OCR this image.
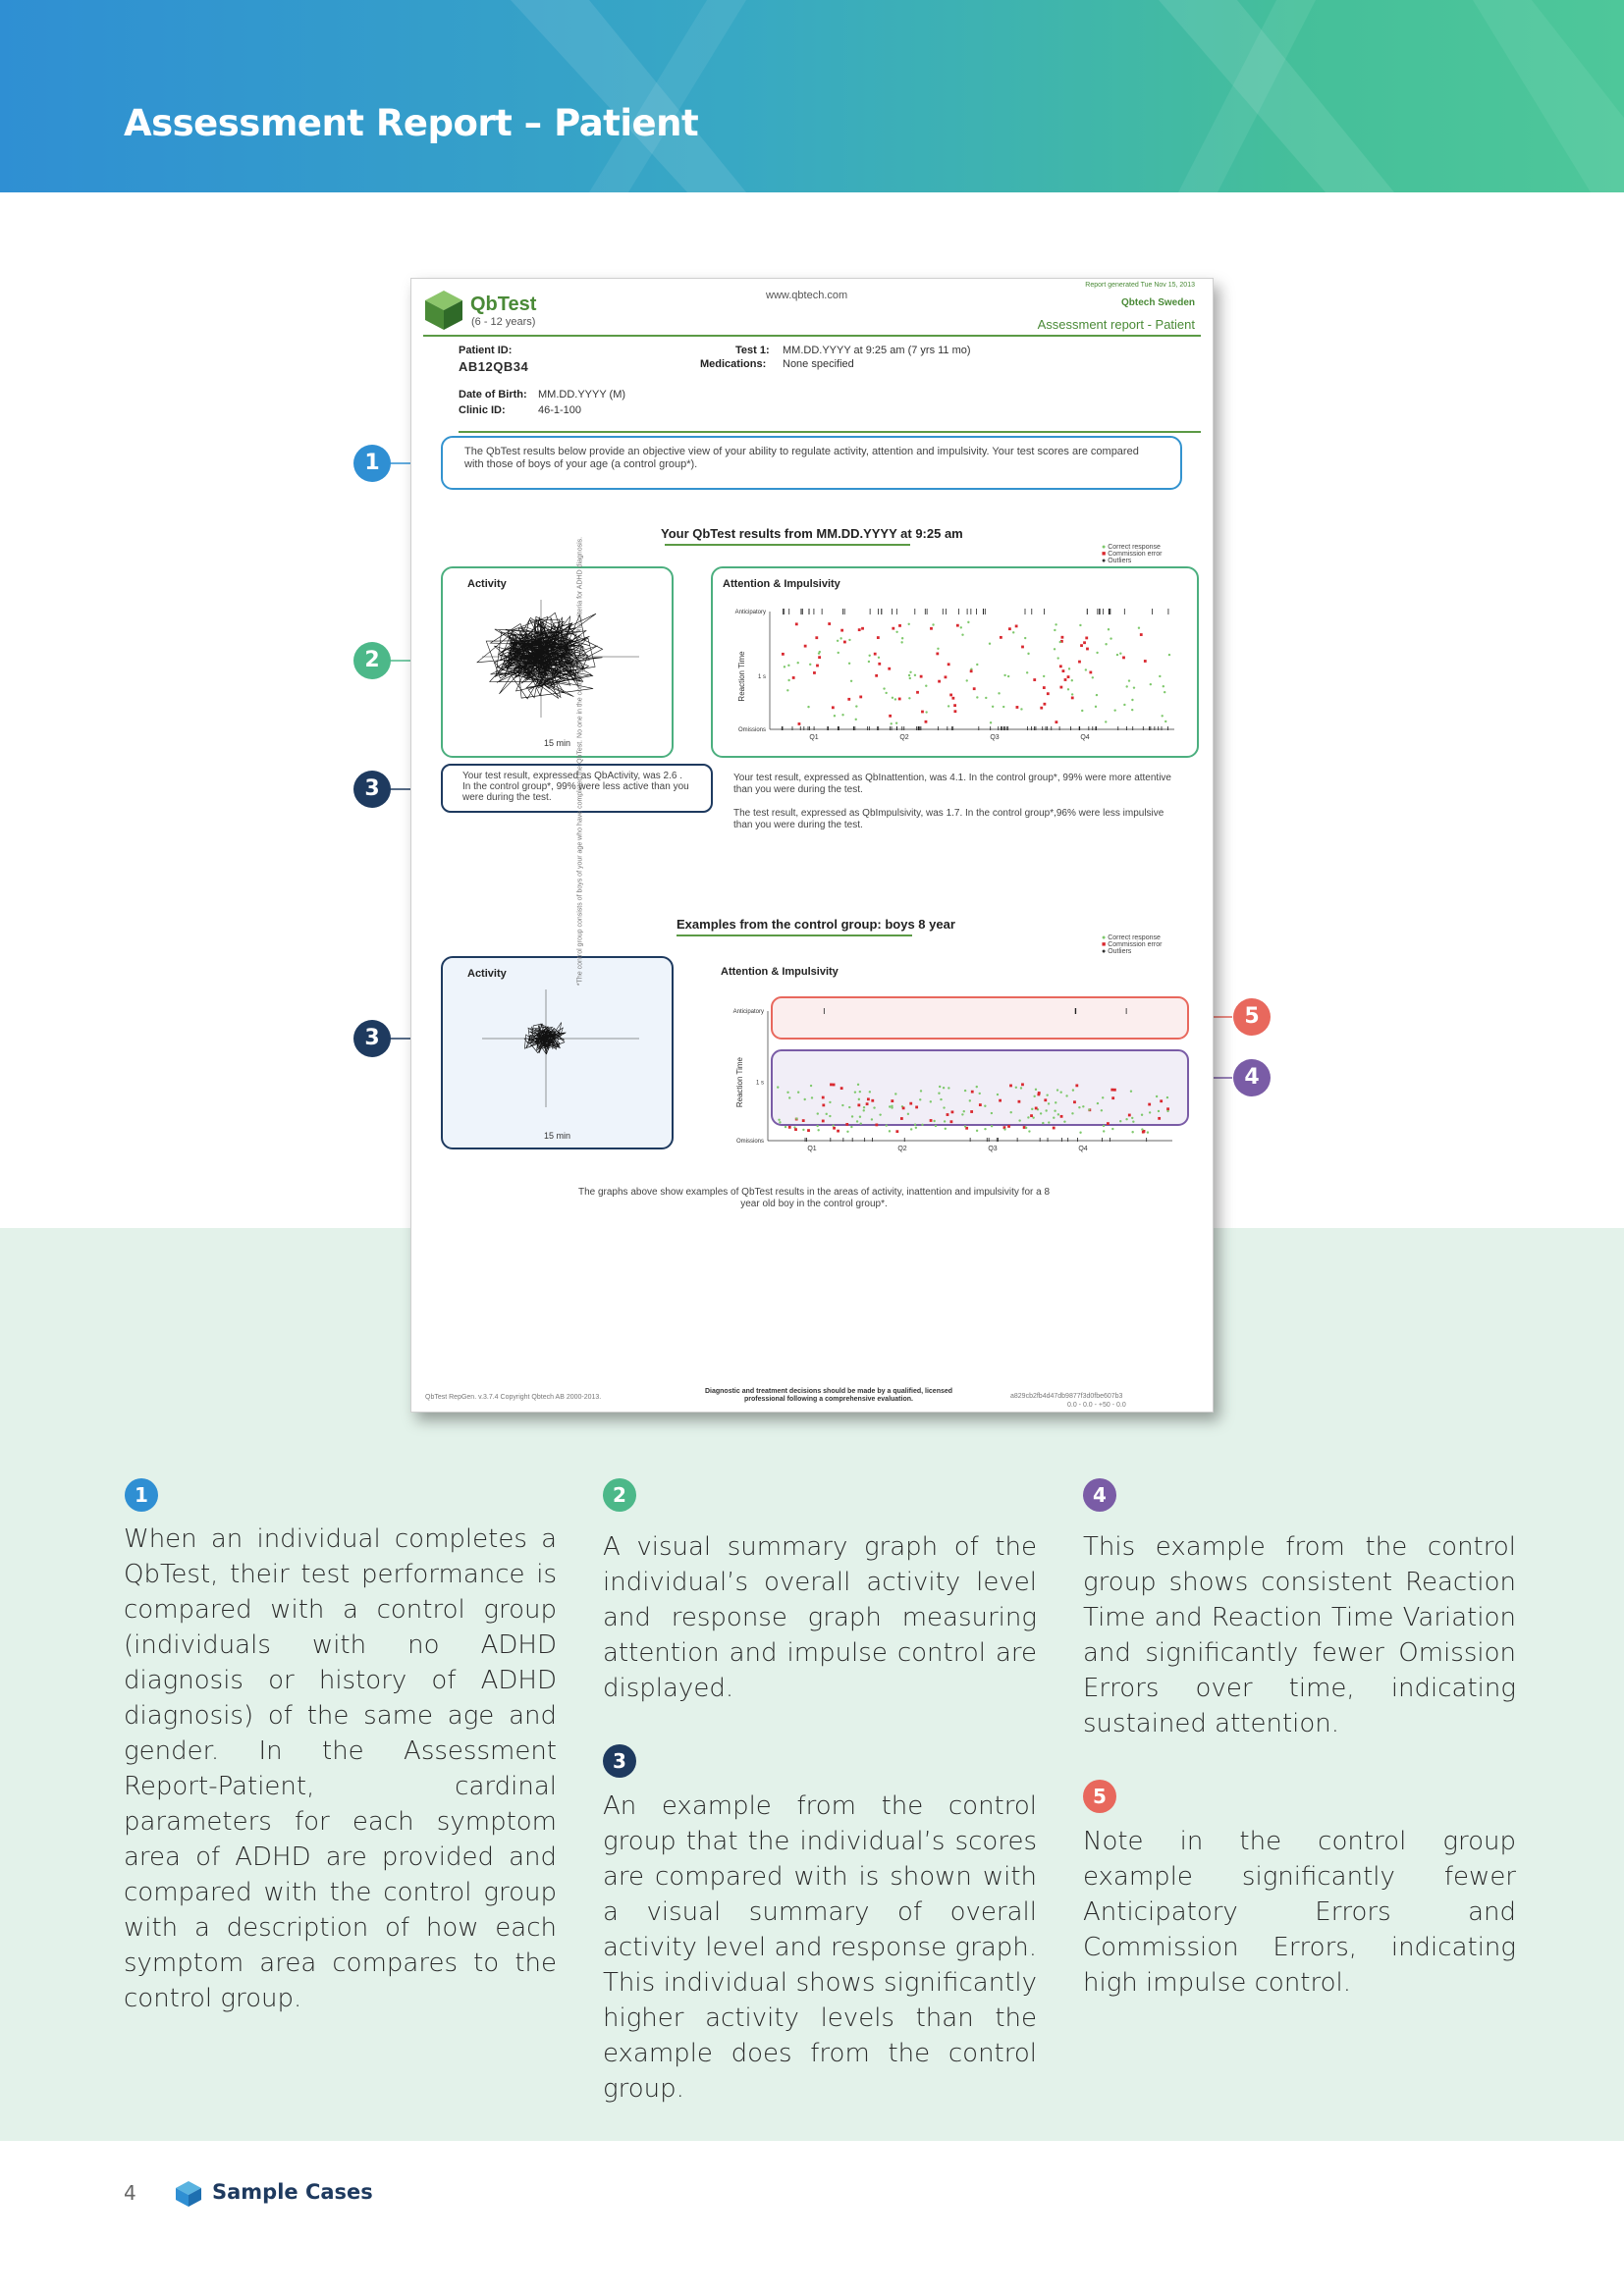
Assessment Report – Patient
QbTest
(6 - 12 years)
www.qbtech.com
Report generated Tue Nov 15, 2013
Qbtech Sweden
Assessment report - Patient
Patient ID:
AB12QB34
Date of Birth: MM.DD.YYYY (M)
Clinic ID:	46-1-100
Test 1: MM.DD.YYYY at 9:25 am (7 yrs 11 mo)
Medications: None specified
The QbTest results below provide an objective view of your ability to regulate activity, attention and impulsivity. Your test scores are compared with those of boys of your age (a control group*).
Your QbTest results from MM.DD.YYYY at 9:25 am
● Correct response
■ Commission error
● Outliers
Activity
15 min
Attention & Impulsivity
Anticipatory
1 s
Omissions
Reaction Time
Q1	Q2	Q3	Q4
Your test result, expressed as QbActivity, was 2.6 . In the control group*, 99% were less active than you were during the test.
Your test result, expressed as QbInattention, was 4.1. In the control group*, 99% were more attentive than you were during the test.
The test result, expressed as QbImpulsivity, was 1.7. In the control group*,96% were less impulsive than you were during the test.
Examples from the control group: boys 8 year
● Correct response
■ Commission error
● Outliers
Activity
15 min
Attention & Impulsivity
Anticipatory
1 s
Omissions
Reaction Time
Q1	Q2	Q3	Q4
The graphs above show examples of QbTest results in the areas of activity, inattention and impulsivity for a 8 year old boy in the control group*.
*The control group consists of boys of your age who have completed the QbTest. No one in the control group meets the criteria for ADHD diagnosis.
QbTest RepGen. v.3.7.4 Copyright Qbtech AB 2000-2013.
Diagnostic and treatment decisions should be made by a qualified, licensed professional following a comprehensive evaluation.	a829cb2fb4d47db9877f3d0fbe607b3
0.0 - 0.0 - +50 - 0.0
1
2
3
3
5
4
1
When an individual completes a QbTest, their test performance is compared with a control group (individuals with no ADHD diagnosis or history of ADHD diagnosis) of the same age and gender. In the Assessment Report-Patient, cardinal parameters for each symptom area of ADHD are provided and compared with the control group with a description of how each symptom area compares to the control group.
2
A visual summary graph of the individual’s overall activity level and response graph measuring attention and impulse control are displayed.
3
An example from the control group that the individual’s scores are compared with is shown with a visual summary of overall activity level and response graph. This individual shows significantly higher activity levels than the example does from the control group.
4
This example from the control group shows consistent Reaction Time and Reaction Time Variation and significantly fewer Omission Errors over time, indicating sustained attention.
5
Note in the control group example significantly fewer Anticipatory Errors and Commission Errors, indicating high impulse control.
4	Sample Cases
